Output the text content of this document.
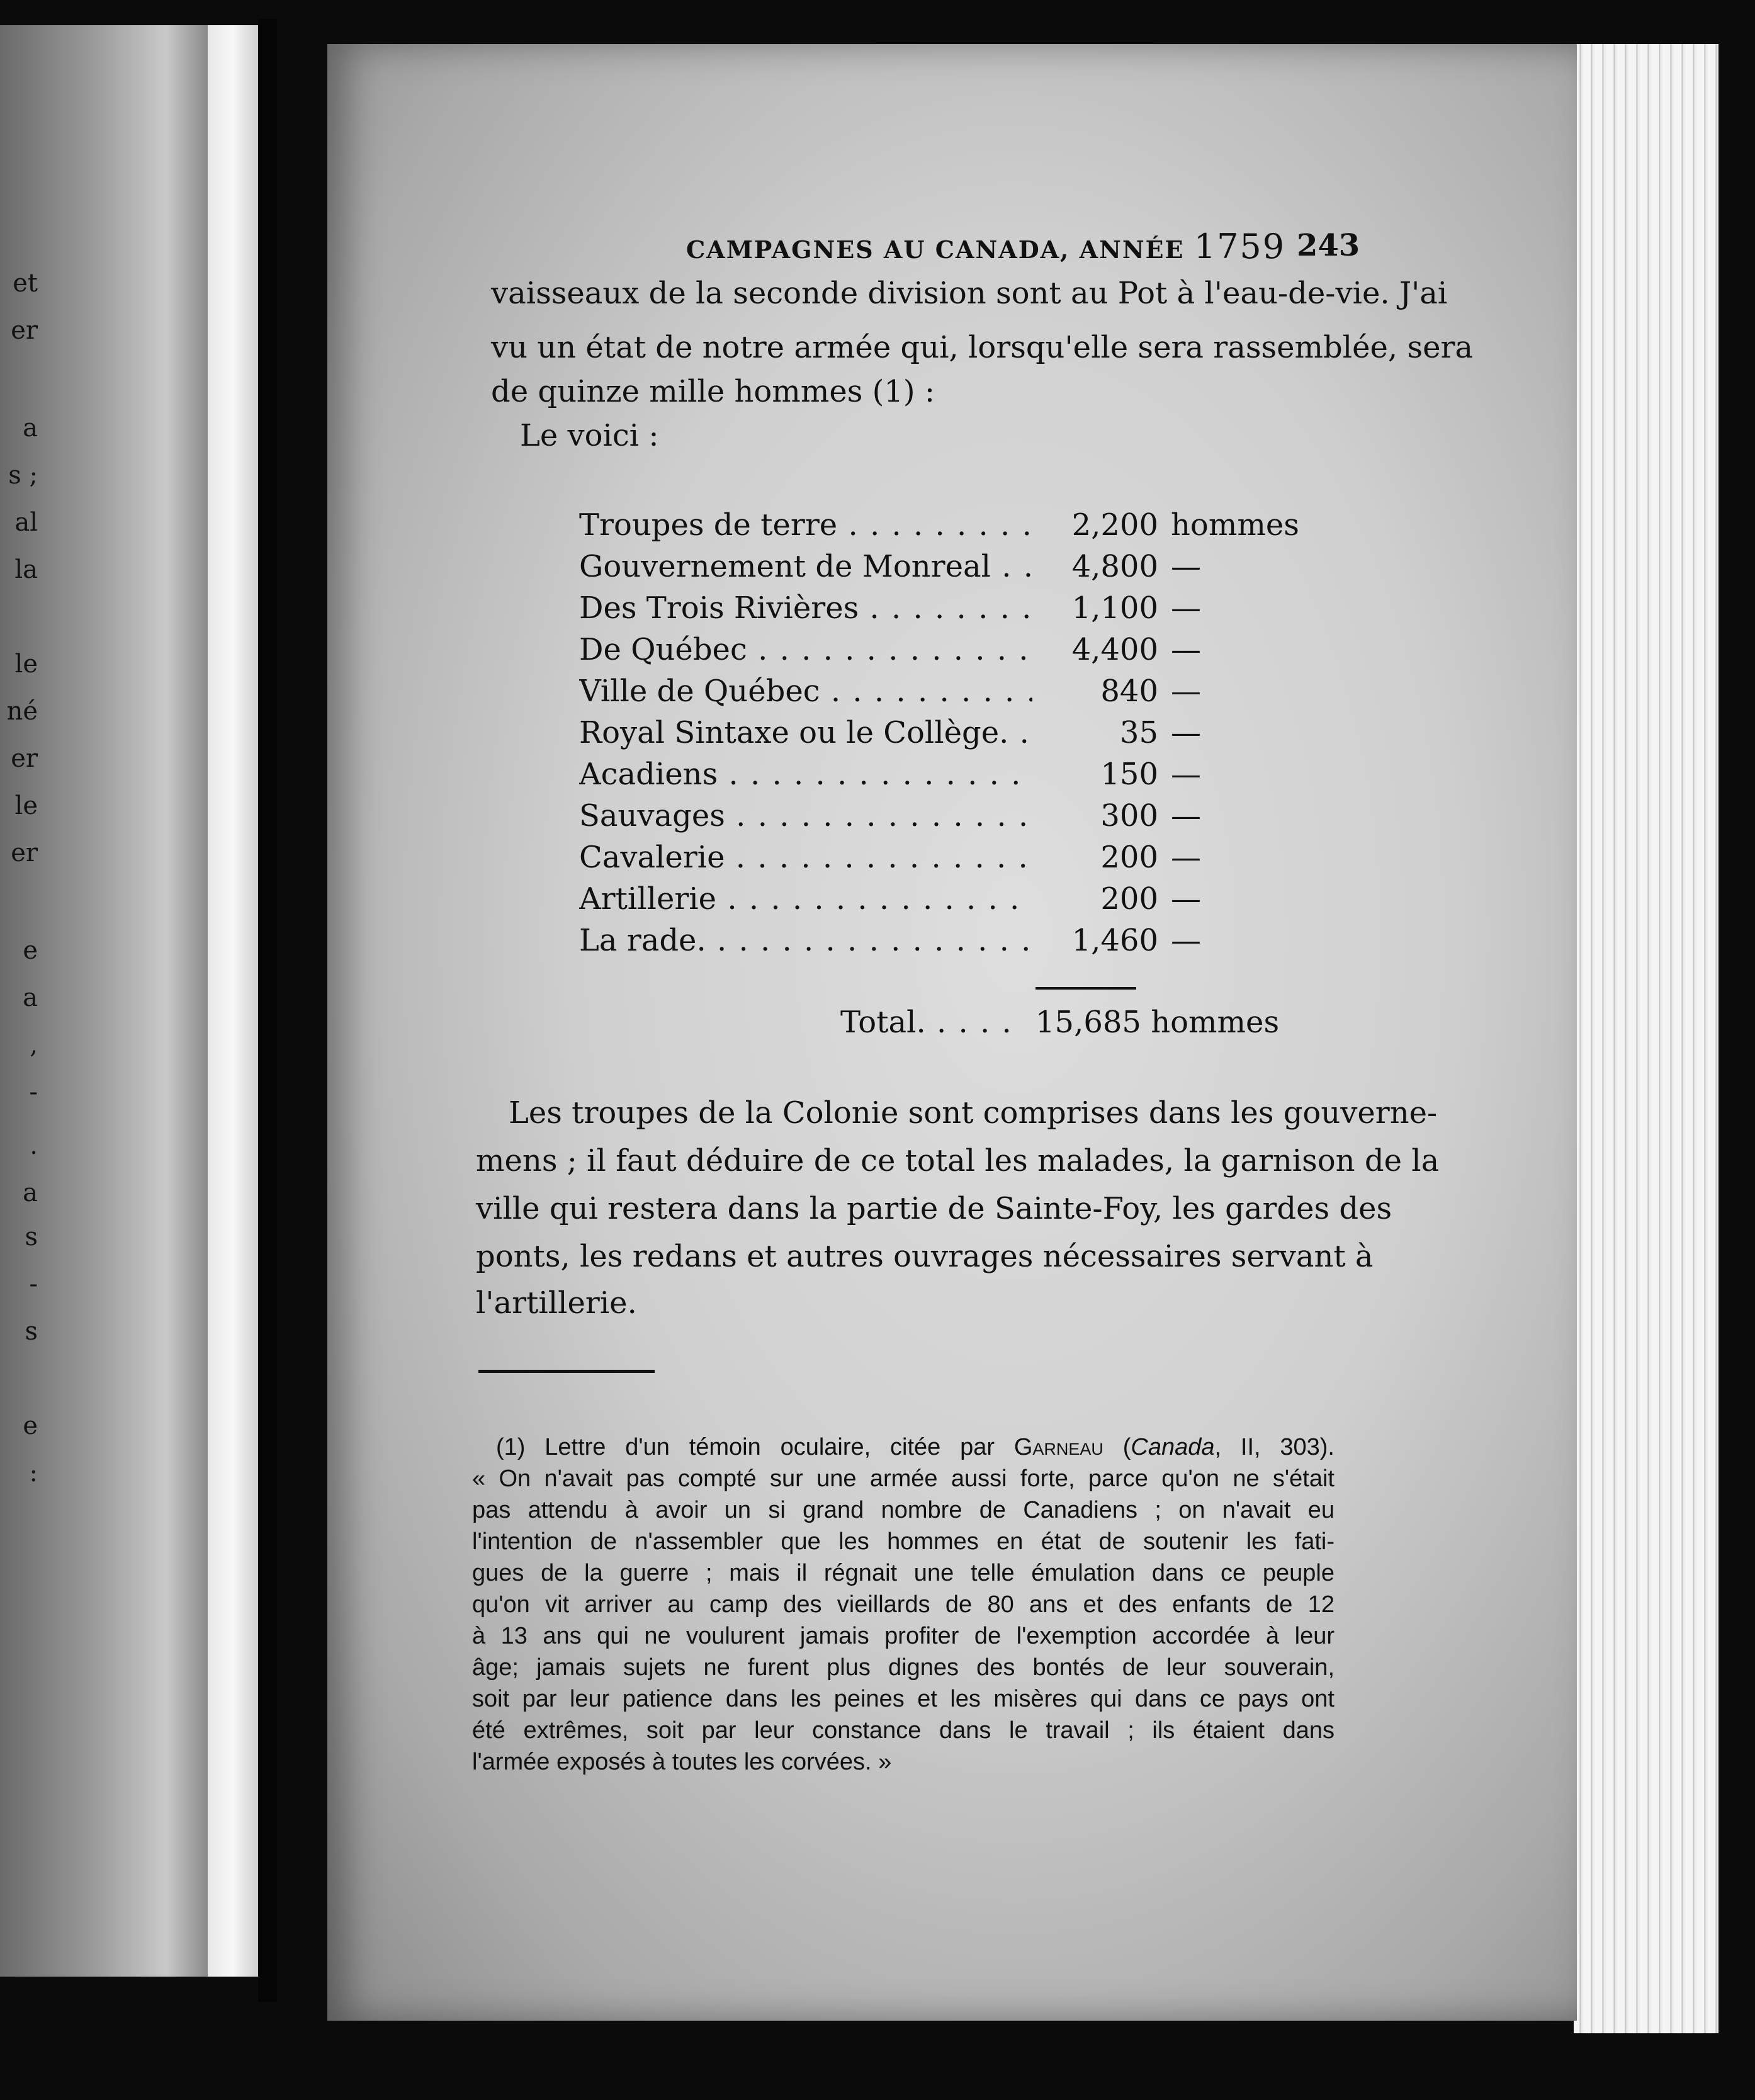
et
er
a
s ;
al
la
le
né
er
le
er
e
a
,
-
.
a
s
-
s
e
:
CAMPAGNES AU CANADA, ANNÉE 1759 243
vaisseaux de la seconde division sont au Pot à l'eau-de-vie. J'ai
vu un état de notre armée qui, lorsqu'elle sera rassemblée, sera
de quinze mille hommes (1) :
Le voici :
Troupes de terre . . .	2,200 hommes
Gouvernement de Monreal . . .	4,800 —
Des Trois Rivières . . .	1,100 —
De Québec . . .	4,400 —
Ville de Québec . . .	840 —
Royal Sintaxe ou le Collège. . . .	35 —
Acadiens . . .	150 —
Sauvages . . .	300 —
Cavalerie . . .	200 —
Artillerie . . .	200 —
La rade. . . .	1,460 —
Total. . . . .	15,685 hommes
Les troupes de la Colonie sont comprises dans les gouverne-
mens ; il faut déduire de ce total les malades, la garnison de la
ville qui restera dans la partie de Sainte-Foy, les gardes des
ponts, les redans et autres ouvrages nécessaires servant à
l'artillerie.
(1) Lettre d'un témoin oculaire, citée par Garneau (Canada, II, 303).
« On n'avait pas compté sur une armée aussi forte, parce qu'on ne s'était
pas attendu à avoir un si grand nombre de Canadiens ; on n'avait eu
l'intention de n'assembler que les hommes en état de soutenir les fati-
gues de la guerre ; mais il régnait une telle émulation dans ce peuple
qu'on vit arriver au camp des vieillards de 80 ans et des enfants de 12
à 13 ans qui ne voulurent jamais profiter de l'exemption accordée à leur
âge; jamais sujets ne furent plus dignes des bontés de leur souverain,
soit par leur patience dans les peines et les misères qui dans ce pays ont
été extrêmes, soit par leur constance dans le travail ; ils étaient dans
l'armée exposés à toutes les corvées. »
